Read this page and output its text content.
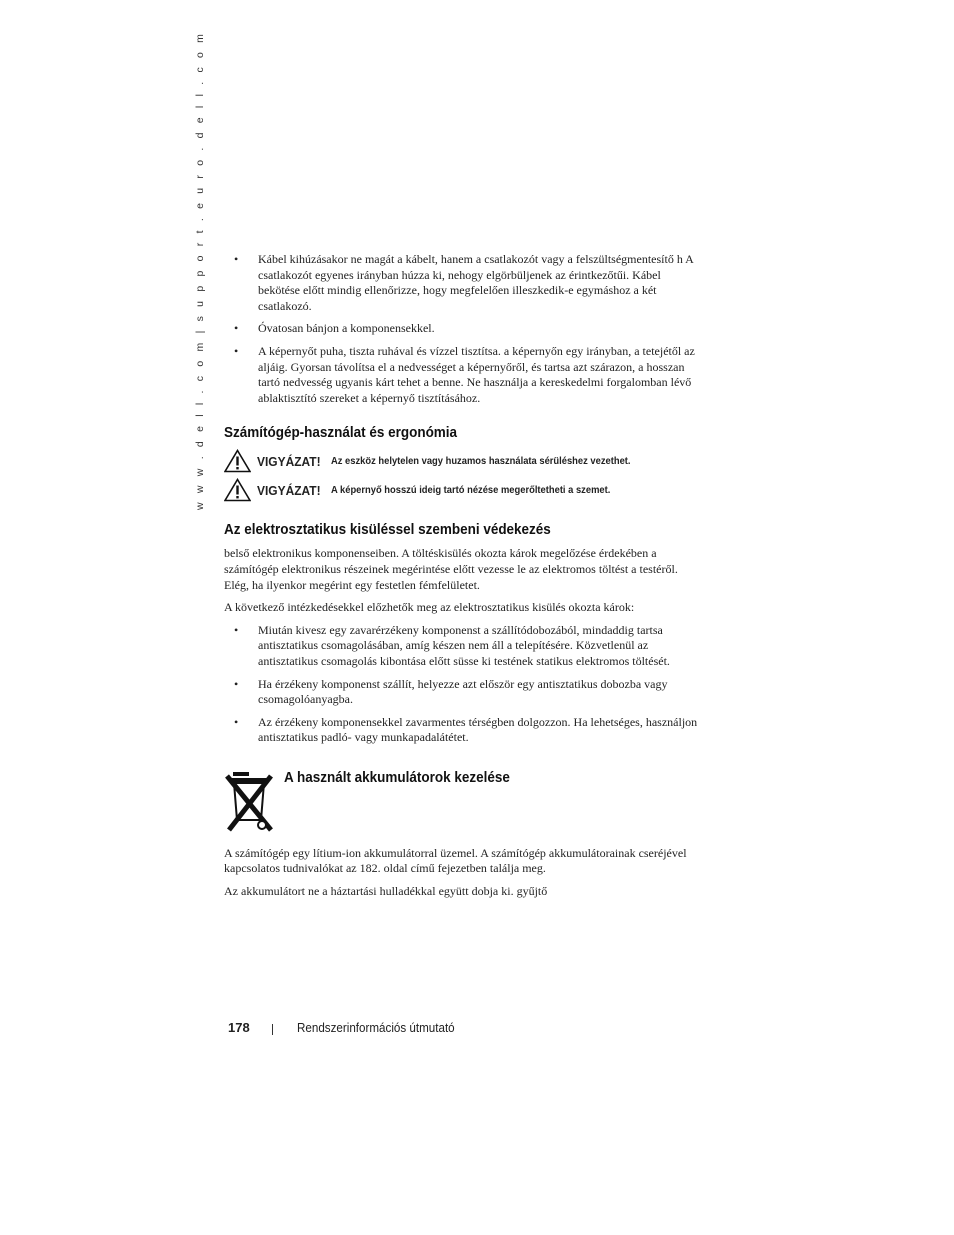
w w w . d e l l . c o m | s u p p o r t . e u r o . d e l l . c o m
•	Kábel kihúzásakor ne magát a kábelt, hanem a csatlakozót vagy a felszültségmentesítő h A csatlakozót egyenes irányban húzza ki, nehogy elgörbüljenek az érintkezőtűi. Kábel bekötése előtt mindig ellenőrizze, hogy megfelelően illeszkedik-e egymáshoz a két csatlakozó.
• Óvatosan bánjon a komponensekkel.
• A képernyőt puha, tiszta ruhával és vízzel tisztítsa. a képernyőn egy irányban, a tetejétől az aljáig. Gyorsan távolítsa el a nedvességet a képernyőről, és tartsa azt szárazon, a hosszan tartó nedvesség ugyanis kárt tehet a benne. Ne használja a kereskedelmi forgalomban lévő ablaktisztító szereket a képernyő tisztításához.
Számítógép-használat és ergonómia
VIGYÁZAT! Az eszköz helytelen vagy huzamos használata sérüléshez vezethet.
VIGYÁZAT! A képernyő hosszú ideig tartó nézése megerőltetheti a szemet.
Az elektrosztatikus kisüléssel szembeni védekezés

belső elektronikus komponenseiben. A töltéskisülés okozta károk megelőzése érdekében a számítógép elektronikus részeinek megérintése előtt vezesse le az elektromos töltést a testéről. Elég, ha ilyenkor megérint egy festetlen fémfelületet.

A következő intézkedésekkel előzhetők meg az elektrosztatikus kisülés okozta károk:

• Miután kivesz egy zavarérzékeny komponenst a szállítódobozából, mindaddig tartsa antisztatikus csomagolásában, amíg készen nem áll a telepítésére. Közvetlenül az antisztatikus csomagolás kibontása előtt süsse ki testének statikus elektromos töltését.
• Ha érzékeny komponenst szállít, helyezze azt először egy antisztatikus dobozba vagy csomagolóanyagba.
• Az érzékeny komponensekkel zavarmentes térségben dolgozzon. Ha lehetséges, használjon antisztatikus padló- vagy munkapadalátétet.
A használt akkumulátorok kezelése

A számítógép egy lítium-ion akkumulátorral üzemel. A számítógép akkumulátorainak cseréjével kapcsolatos tudnivalókat az 182. oldal című fejezetben találja meg.

Az akkumulátort ne a háztartási hulladékkal együtt dobja ki. gyűjtő

178	Rendszerinformációs útmutató
